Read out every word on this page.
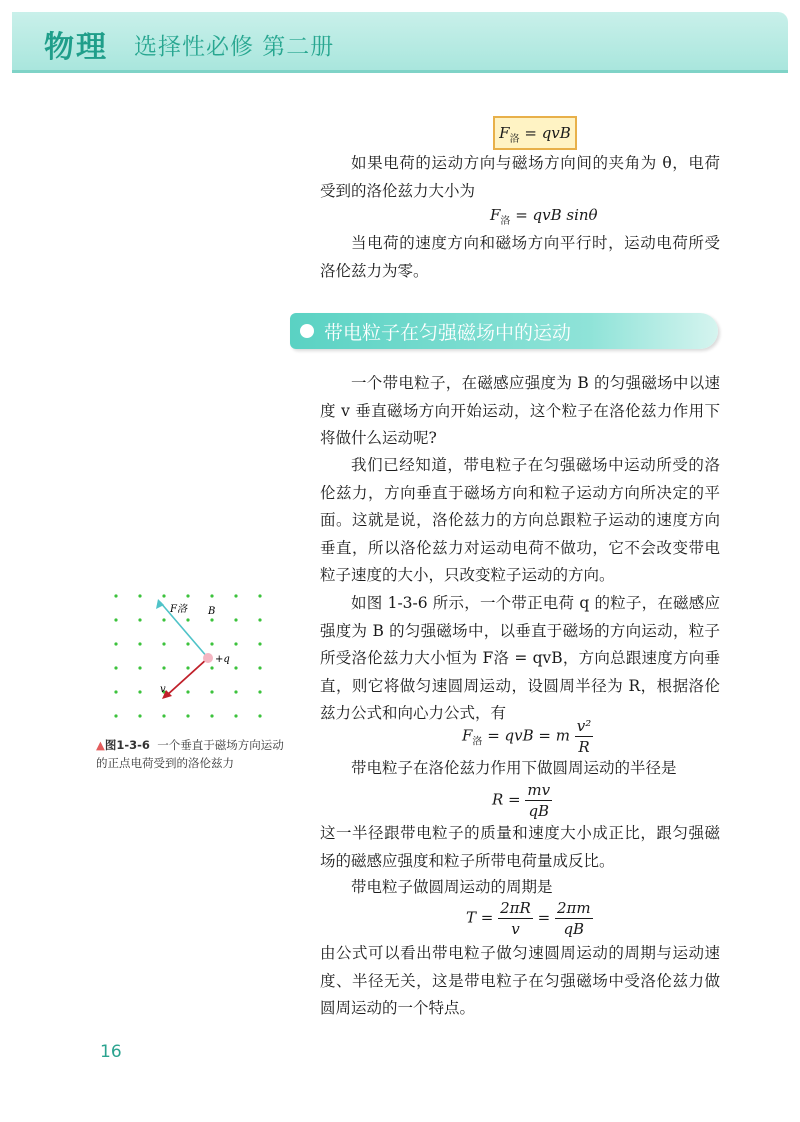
物理 选择性必修 第二册
$F_洛$ = qvB
如果电荷的运动方向与磁场方向间的夹角为 θ，电荷受到的洛伦兹力大小为
$F_洛$ = qvB sinθ
当电荷的速度方向和磁场方向平行时，运动电荷所受洛伦兹力为零。
带电粒子在匀强磁场中的运动
一个带电粒子，在磁感应强度为 B 的匀强磁场中以速度 v 垂直磁场方向开始运动，这个粒子在洛伦兹力作用下将做什么运动呢?
我们已经知道，带电粒子在匀强磁场中运动所受的洛伦兹力，方向垂直于磁场方向和粒子运动方向所决定的平面。这就是说，洛伦兹力的方向总跟粒子运动的速度方向垂直，所以洛伦兹力对运动电荷不做功，它不会改变带电粒子速度的大小，只改变粒子运动的方向。
如图 1-3-6 所示，一个带正电荷 q 的粒子，在磁感应强度为 B 的匀强磁场中，以垂直于磁场的方向运动，粒子所受洛伦兹力大小恒为 F洛 = qvB，方向总跟速度方向垂直，则它将做匀速圆周运动，设圆周半径为 R，根据洛伦兹力公式和向心力公式，有
$F_洛$ = qvB = m $\frac{\text{v²}}{R}$
带电粒子在洛伦兹力作用下做圆周运动的半径是
$R = \frac{mv}{qB}$
这一半径跟带电粒子的质量和速度大小成正比，跟匀强磁场的磁感应强度和粒子所带电荷量成反比。
带电粒子做圆周运动的周期是
$T = \frac{2\pi R}{v} = \frac{2\pi m}{qB}$
由公式可以看出带电粒子做匀速圆周运动的周期与运动速度、半径无关，这是带电粒子在匀强磁场中受洛伦兹力做圆周运动的一个特点。
F洛 B
+q
v
▲图1-3-6 一个垂直于磁场方向运动的正点电荷受到的洛伦兹力
16
